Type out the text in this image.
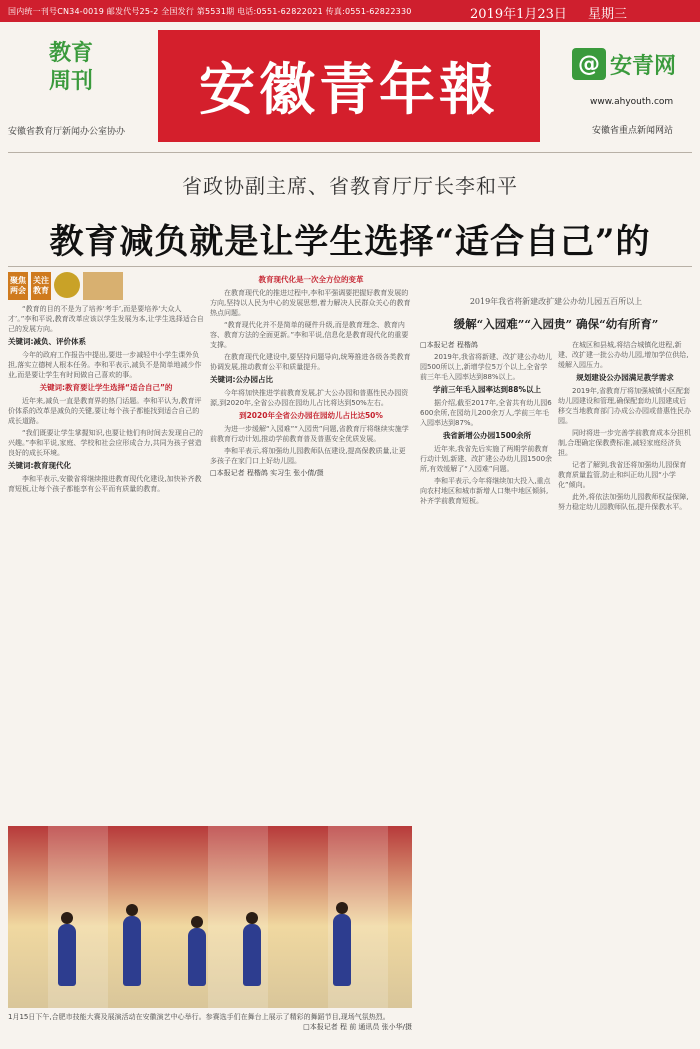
国内统一刊号CN34-0019 邮发代号25-2 全国发行 第5531期 电话:0551-62822021 传真:0551-62822330	2019年1月23日 星期三
教育
周刊
安徽省教育厅新闻办公室协办
安徽青年報	@ 安青网
www.ahyouth.com
安徽省重点新闻网站
省政协副主席、省教育厅厅长李和平
教育减负就是让学生选择“适合自己”的
聚焦两会
关注教育

“教育的目的不是为了培养‘考手’,而是要培养‘大众人才’。”李和平说,教育改革应该以学生发展为本,让学生选择适合自己的发展方向。

关键词:减负、评价体系

今年的政府工作报告中提出,要进一步减轻中小学生课外负担,落实立德树人根本任务。李和平表示,减负不是简单地减少作业,而是要让学生有时间做自己喜欢的事。

关键词:教育要让学生选择“适合自己”的

近年来,减负一直是教育界的热门话题。李和平认为,教育评价体系的改革是减负的关键,要让每个孩子都能找到适合自己的成长道路。

“我们既要让学生掌握知识,也要让他们有时间去发现自己的兴趣。”李和平说,家庭、学校和社会应形成合力,共同为孩子营造良好的成长环境。

关键词:教育现代化

李和平表示,安徽省将继续推进教育现代化建设,加快补齐教育短板,让每个孩子都能享有公平而有质量的教育。

教育现代化是一次全方位的变革

在教育现代化的推进过程中,李和平强调要把握好教育发展的方向,坚持以人民为中心的发展思想,着力解决人民群众关心的教育热点问题。

“教育现代化并不是简单的硬件升级,而是教育理念、教育内容、教育方法的全面更新。”李和平说,信息化是教育现代化的重要支撑。

在教育现代化建设中,要坚持问题导向,统筹推进各级各类教育协调发展,推动教育公平和质量提升。

关键词:公办园占比

今年将加快推进学前教育发展,扩大公办园和普惠性民办园资源,到2020年,全省公办园在园幼儿占比将达到50%左右。

到2020年全省公办园在园幼儿占比达50%

为进一步缓解“入园难”“入园贵”问题,省教育厅将继续实施学前教育行动计划,推动学前教育普及普惠安全优质发展。

李和平表示,将加强幼儿园教师队伍建设,提高保教质量,让更多孩子在家门口上好幼儿园。

□本报记者 程楷鸽 实习生 张小倩/摄
2019年我省将新建改扩建公办幼儿园五百所以上
缓解“入园难”“入园贵” 确保“幼有所育”
□本报记者 程楷鸽

2019年,我省将新建、改扩建公办幼儿园500所以上,新增学位5万个以上,全省学前三年毛入园率达到88%以上。

学前三年毛入园率达到88%以上

据介绍,截至2017年,全省共有幼儿园6600余所,在园幼儿200余万人,学前三年毛入园率达到87%。

我省新增公办园1500余所

近年来,我省先后实施了两期学前教育行动计划,新建、改扩建公办幼儿园1500余所,有效缓解了“入园难”问题。

李和平表示,今年将继续加大投入,重点向农村地区和城市新增人口集中地区倾斜,补齐学前教育短板。

在城区和县城,将结合城镇化进程,新建、改扩建一批公办幼儿园,增加学位供给,缓解入园压力。

规划建设公办园满足教学需求

2019年,省教育厅将加强城镇小区配套幼儿园建设和管理,确保配套幼儿园建成后移交当地教育部门办成公办园或普惠性民办园。

同时将进一步完善学前教育成本分担机制,合理确定保教费标准,减轻家庭经济负担。

记者了解到,我省还将加强幼儿园保育教育质量监管,防止和纠正幼儿园“小学化”倾向。

此外,将依法加强幼儿园教师权益保障,努力稳定幼儿园教师队伍,提升保教水平。

1月15日下午,合肥市技能大赛及展演活动在安徽演艺中心举行。参赛选手们在舞台上展示了精彩的舞蹈节目,现场气氛热烈。
□本报记者 程 前 通讯员 张小华/摄
